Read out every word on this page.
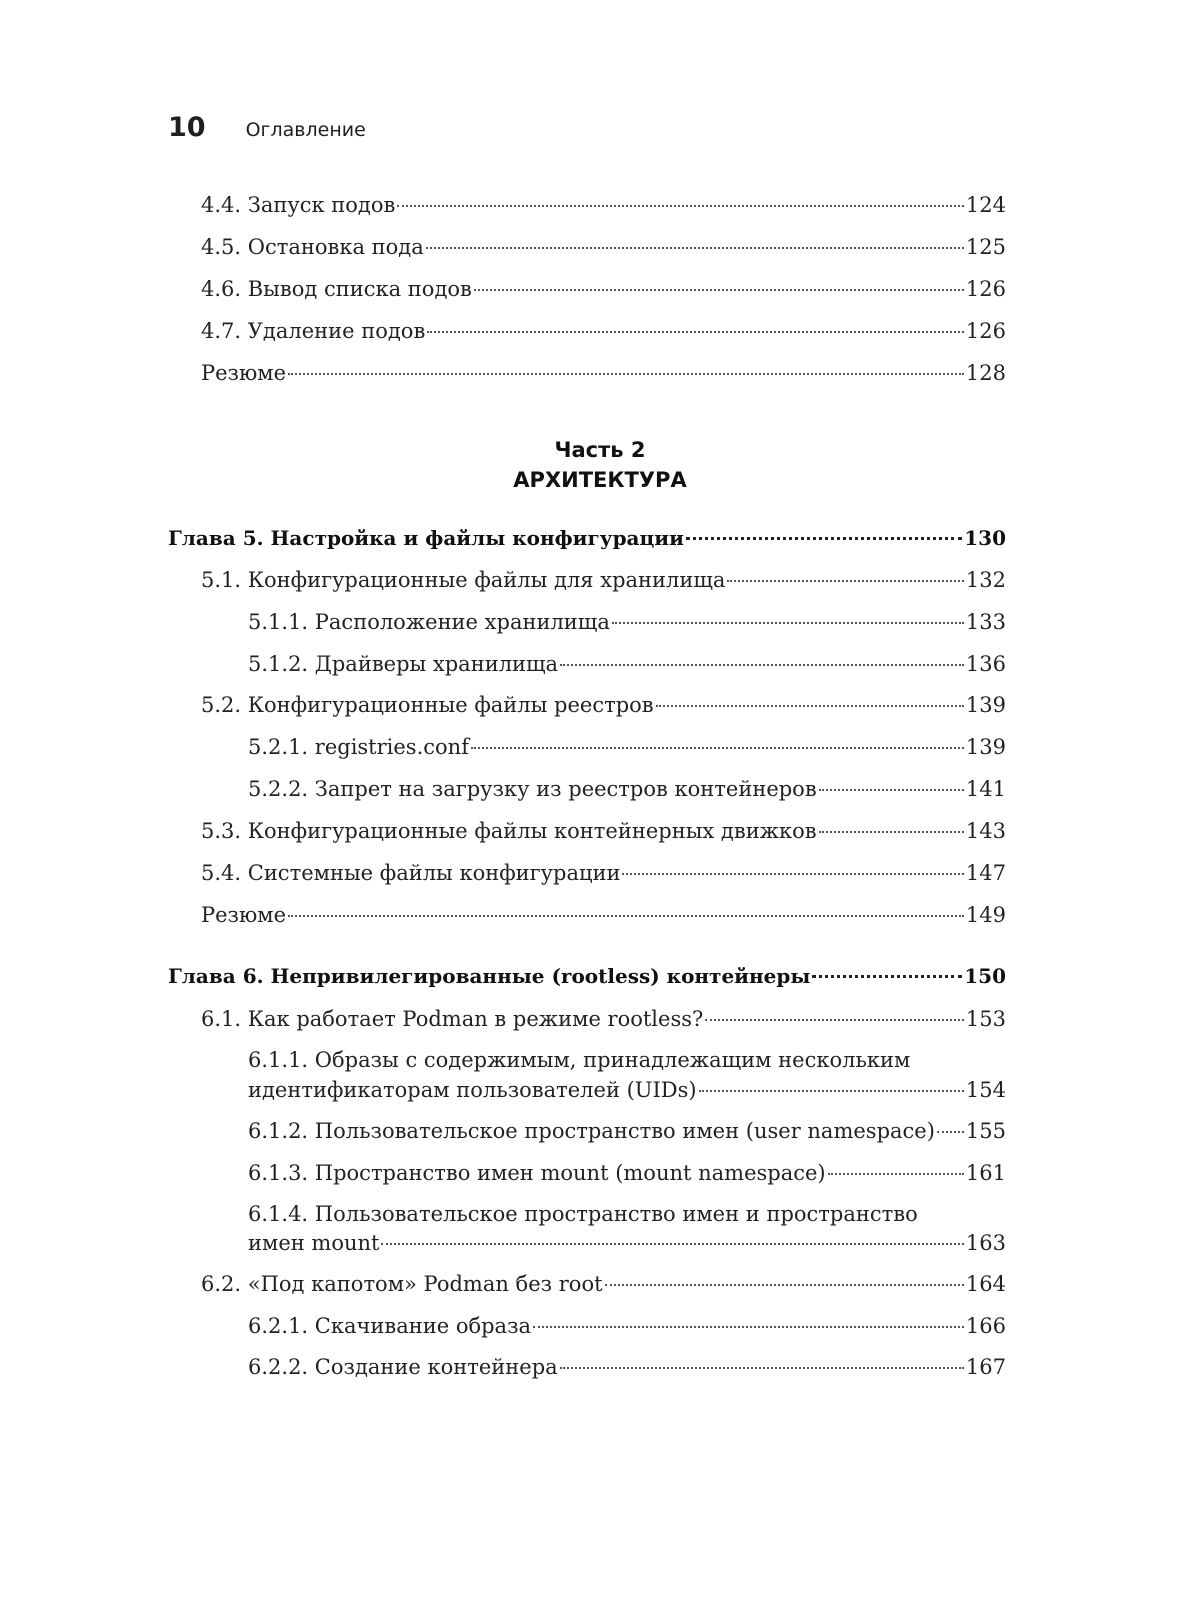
10 Оглавление
4.4. Запуск подов	124
4.5. Остановка пода	125
4.6. Вывод списка подов	126
4.7. Удаление подов	126
Резюме	128
Часть 2
АРХИТЕКТУРА
Глава 5. Настройка и файлы конфигурации	130
5.1. Конфигурационные файлы для хранилища	132
5.1.1. Расположение хранилища	133
5.1.2. Драйверы хранилища	136
5.2. Конфигурационные файлы реестров	139
5.2.1. registries.conf	139
5.2.2. Запрет на загрузку из реестров контейнеров	141
5.3. Конфигурационные файлы контейнерных движков	143
5.4. Системные файлы конфигурации	147
Резюме	149
Глава 6. Непривилегированные (rootless) контейнеры	150
6.1. Как работает Podman в режиме rootless?	153
6.1.1. Образы с содержимым, принадлежащим нескольким
идентификаторам пользователей (UIDs)	154
6.1.2. Пользовательское пространство имен (user namespace) 155
6.1.3. Пространство имен mount (mount namespace)	161
6.1.4. Пользовательское пространство имен и пространство
имен mount	163
6.2. «Под капотом» Podman без root	164
6.2.1. Скачивание образа	166
6.2.2. Создание контейнера	167
